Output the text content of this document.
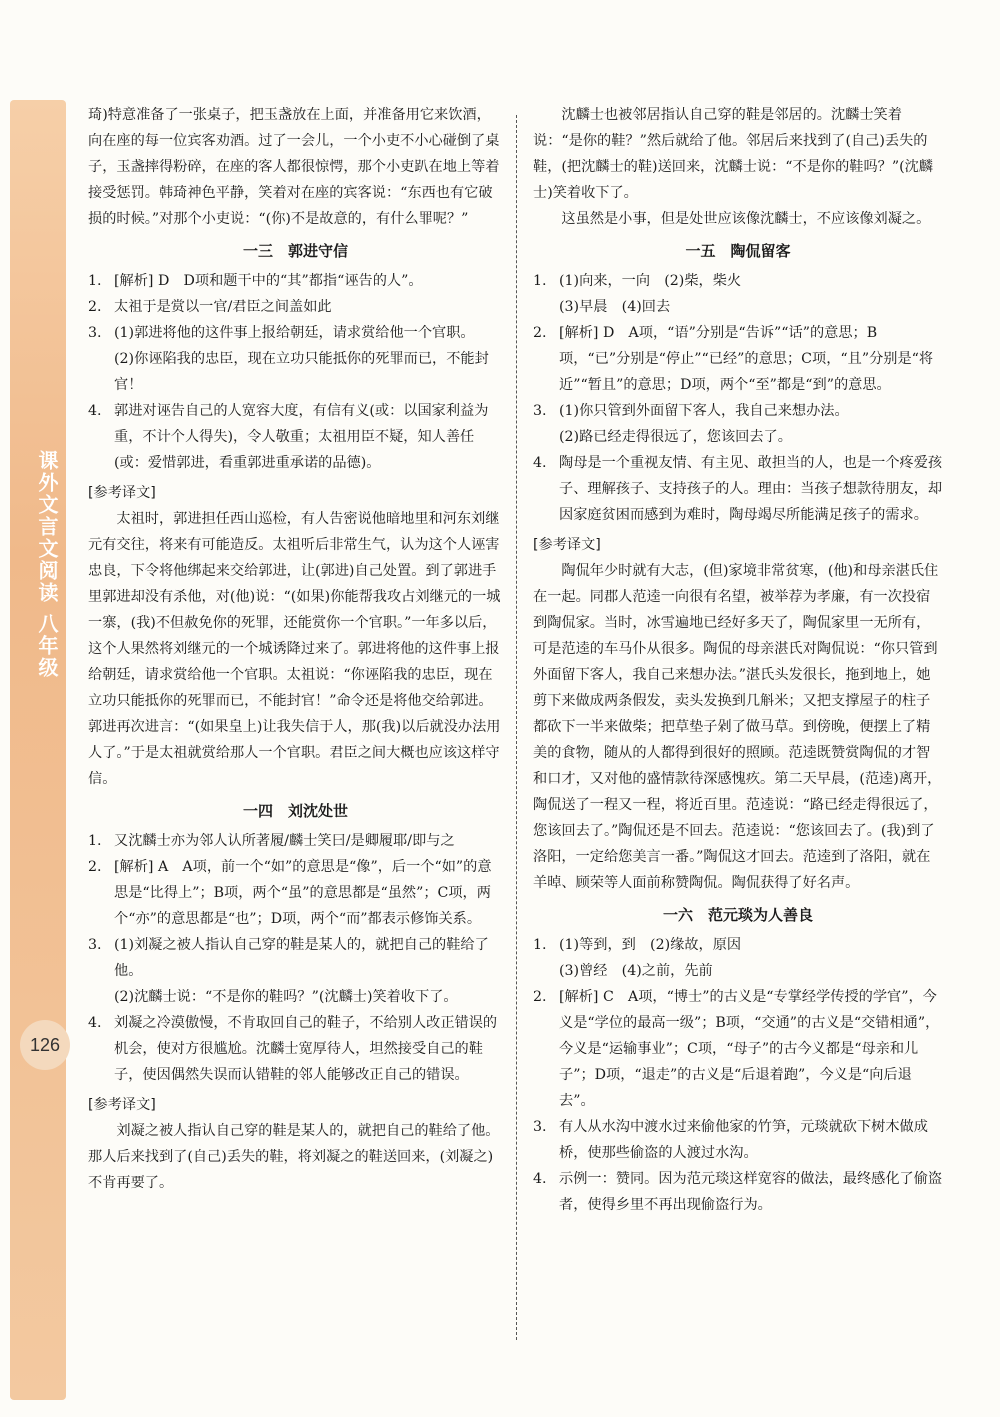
课外文言文阅读 八年级
126

琦)特意准备了一张桌子，把玉盏放在上面，并准备用它来饮酒，向在座的每一位宾客劝酒。过了一会儿，一个小吏不小心碰倒了桌子，玉盏摔得粉碎，在座的客人都很惊愕，那个小吏趴在地上等着接受惩罚。韩琦神色平静，笑着对在座的宾客说：“东西也有它破损的时候。”对那个小吏说：“(你)不是故意的，有什么罪呢？”

一三　郭进守信
1. [解析] D　D项和题干中的“其”都指“诬告的人”。
2. 太祖于是赏以一官/君臣之间盖如此
3. (1)郭进将他的这件事上报给朝廷，请求赏给他一个官职。

(2)你诬陷我的忠臣，现在立功只能抵你的死罪而已，不能封官！

4. 郭进对诬告自己的人宽容大度，有信有义(或：以国家利益为重，不计个人得失)，令人敬重；太祖用臣不疑，知人善任(或：爱惜郭进，看重郭进重承诺的品德)。

[参考译文]

太祖时，郭进担任西山巡检，有人告密说他暗地里和河东刘继元有交往，将来有可能造反。太祖听后非常生气，认为这个人诬害忠良，下令将他绑起来交给郭进，让(郭进)自己处置。到了郭进手里郭进却没有杀他，对(他)说：“(如果)你能帮我攻占刘继元的一城一寨，(我)不但赦免你的死罪，还能赏你一个官职。”一年多以后，这个人果然将刘继元的一个城诱降过来了。郭进将他的这件事上报给朝廷，请求赏给他一个官职。太祖说：“你诬陷我的忠臣，现在立功只能抵你的死罪而已，不能封官！”命令还是将他交给郭进。郭进再次进言：“(如果皇上)让我失信于人，那(我)以后就没办法用人了。”于是太祖就赏给那人一个官职。君臣之间大概也应该这样守信。

一四　刘沈处世
1. 又沈麟士亦为邻人认所著履/麟士笑曰/是卿履耶/即与之
2. [解析] A　A项，前一个“如”的意思是“像”，后一个“如”的意思是“比得上”；B项，两个“虽”的意思都是“虽然”；C项，两个“亦”的意思都是“也”；D项，两个“而”都表示修饰关系。
3. (1)刘凝之被人指认自己穿的鞋是某人的，就把自己的鞋给了他。

(2)沈麟士说：“不是你的鞋吗？”(沈麟士)笑着收下了。

4. 刘凝之冷漠傲慢，不肯取回自己的鞋子，不给别人改正错误的机会，使对方很尴尬。沈麟士宽厚待人，坦然接受自己的鞋子，使因偶然失误而认错鞋的邻人能够改正自己的错误。

[参考译文]

刘凝之被人指认自己穿的鞋是某人的，就把自己的鞋给了他。那人后来找到了(自己)丢失的鞋，将刘凝之的鞋送回来，(刘凝之)不肯再要了。

沈麟士也被邻居指认自己穿的鞋是邻居的。沈麟士笑着说：“是你的鞋？”然后就给了他。邻居后来找到了(自己)丢失的鞋，(把沈麟士的鞋)送回来，沈麟士说：“不是你的鞋吗？”(沈麟士)笑着收下了。

这虽然是小事，但是处世应该像沈麟士，不应该像刘凝之。

一五　陶侃留客
1. (1)向来，一向　(2)柴，柴火

(3)早晨　(4)回去

2. [解析] D　A项，“语”分别是“告诉”“话”的意思；B项，“已”分别是“停止”“已经”的意思；C项，“且”分别是“将近”“暂且”的意思；D项，两个“至”都是“到”的意思。
3. (1)你只管到外面留下客人，我自己来想办法。

(2)路已经走得很远了，您该回去了。

4. 陶母是一个重视友情、有主见、敢担当的人，也是一个疼爱孩子、理解孩子、支持孩子的人。理由：当孩子想款待朋友，却因家庭贫困而感到为难时，陶母竭尽所能满足孩子的需求。

[参考译文]

陶侃年少时就有大志，(但)家境非常贫寒，(他)和母亲湛氏住在一起。同郡人范逵一向很有名望，被举荐为孝廉，有一次投宿到陶侃家。当时，冰雪遍地已经好多天了，陶侃家里一无所有，可是范逵的车马仆从很多。陶侃的母亲湛氏对陶侃说：“你只管到外面留下客人，我自己来想办法。”湛氏头发很长，拖到地上，她剪下来做成两条假发，卖头发换到几斛米；又把支撑屋子的柱子都砍下一半来做柴；把草垫子剁了做马草。到傍晚，便摆上了精美的食物，随从的人都得到很好的照顾。范逵既赞赏陶侃的才智和口才，又对他的盛情款待深感愧疚。第二天早晨，(范逵)离开，陶侃送了一程又一程，将近百里。范逵说：“路已经走得很远了，您该回去了。”陶侃还是不回去。范逵说：“您该回去了。(我)到了洛阳，一定给您美言一番。”陶侃这才回去。范逵到了洛阳，就在羊晫、顾荣等人面前称赞陶侃。陶侃获得了好名声。

一六　范元琰为人善良
1. (1)等到，到　(2)缘故，原因

(3)曾经　(4)之前，先前

2. [解析] C　A项，“博士”的古义是“专掌经学传授的学官”，今义是“学位的最高一级”；B项，“交通”的古义是“交错相通”，今义是“运输事业”；C项，“母子”的古今义都是“母亲和儿子”；D项，“退走”的古义是“后退着跑”，今义是“向后退去”。
3. 有人从水沟中渡水过来偷他家的竹笋，元琰就砍下树木做成桥，使那些偷盗的人渡过水沟。
4. 示例一：赞同。因为范元琰这样宽容的做法，最终感化了偷盗者，使得乡里不再出现偷盗行为。
